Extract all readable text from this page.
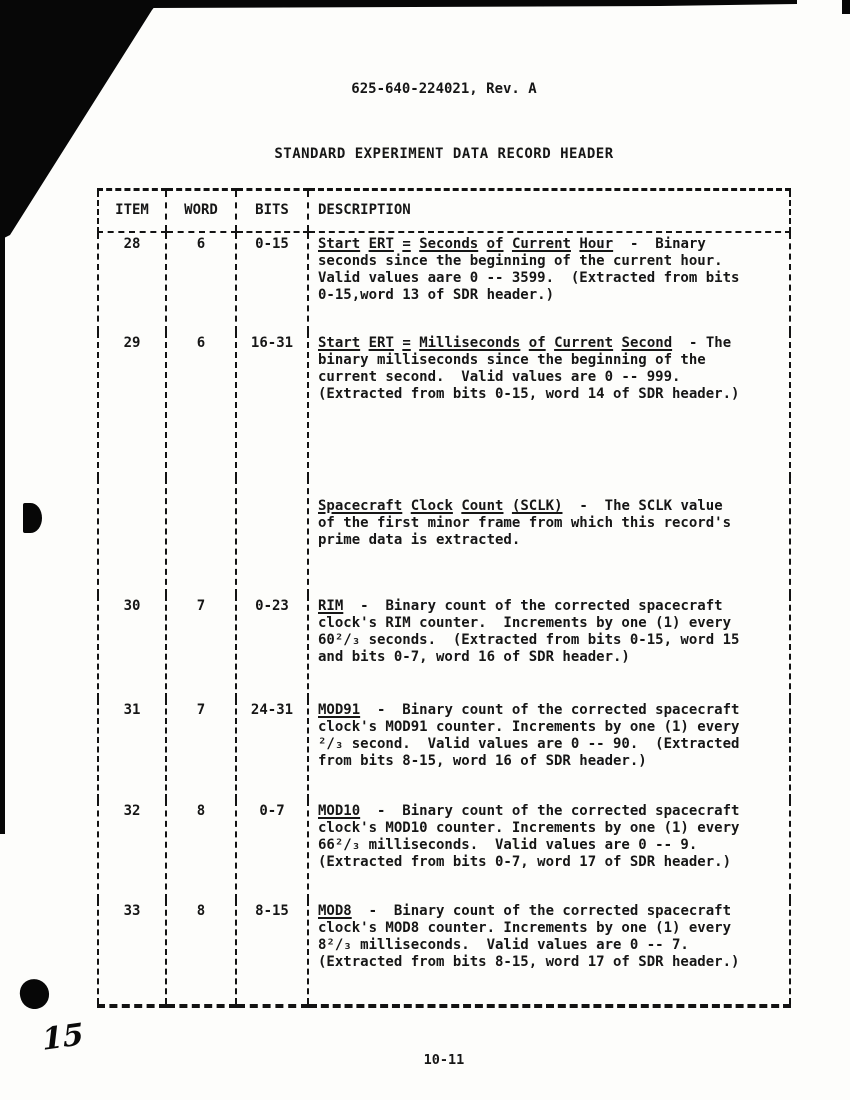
625-640-224021, Rev. A
STANDARD EXPERIMENT DATA RECORD HEADER
ITEM	WORD	BITS	DESCRIPTION
28	6	0-15	Start ERT = Seconds of Current Hour  -  Binary
seconds since the beginning of the current hour.
Valid values aare 0 -- 3599.  (Extracted from bits
0-15,word 13 of SDR header.)

29	6	16-31	Start ERT = Milliseconds of Current Second  - The
binary milliseconds since the beginning of the
current second.  Valid values are 0 -- 999.
(Extracted from bits 0-15, word 14 of SDR header.)

			Spacecraft Clock Count (SCLK)  -  The SCLK value
of the first minor frame from which this record's
prime data is extracted.

30	7	0-23	RIM  -  Binary count of the corrected spacecraft
clock's RIM counter.  Increments by one (1) every
60²/₃ seconds.  (Extracted from bits 0-15, word 15
and bits 0-7, word 16 of SDR header.)

31	7	24-31	MOD91  -  Binary count of the corrected spacecraft
clock's MOD91 counter. Increments by one (1) every
²/₃ second.  Valid values are 0 -- 90.  (Extracted
from bits 8-15, word 16 of SDR header.)

32	8	0-7	MOD10  -  Binary count of the corrected spacecraft
clock's MOD10 counter. Increments by one (1) every
66²/₃ milliseconds.  Valid values are 0 -- 9.
(Extracted from bits 0-7, word 17 of SDR header.)

33	8	8-15	MOD8  -  Binary count of the corrected spacecraft
clock's MOD8 counter. Increments by one (1) every
8²/₃ milliseconds.  Valid values are 0 -- 7.
(Extracted from bits 8-15, word 17 of SDR header.)
15
10-11
